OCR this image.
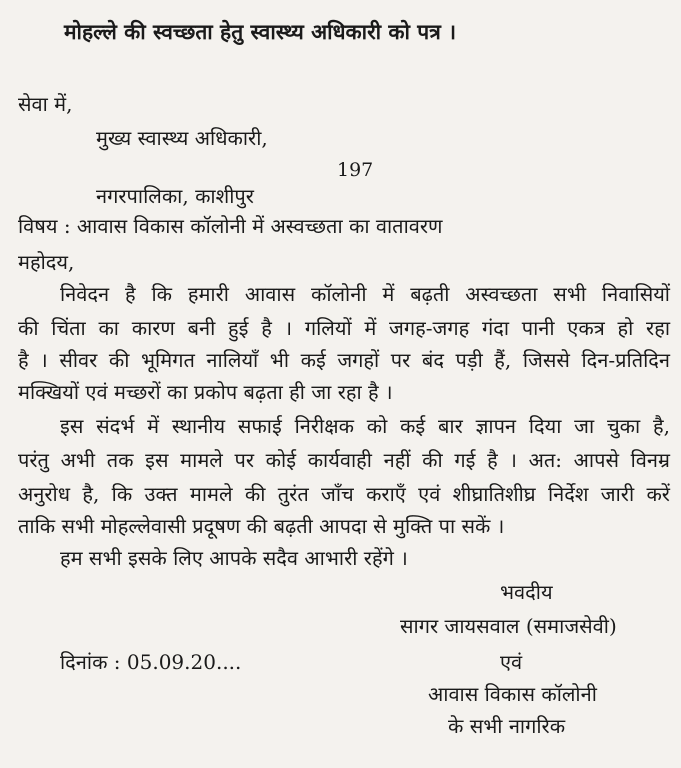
मोहल्ले की स्वच्छता हेतु स्वास्थ्य अधिकारी को पत्र ।
सेवा में,
मुख्य स्वास्थ्य अधिकारी,
197
नगरपालिका, काशीपुर
विषय : आवास विकास कॉलोनी में अस्वच्छता का वातावरण
महोदय,
निवेदन है कि हमारी आवास कॉलोनी में बढ़ती अस्वच्छता सभी निवासियों
की चिंता का कारण बनी हुई है । गलियों में जगह-जगह गंदा पानी एकत्र हो रहा
है । सीवर की भूमिगत नालियाँ भी कई जगहों पर बंद पड़ी हैं, जिससे दिन-प्रतिदिन
मक्खियों एवं मच्छरों का प्रकोप बढ़ता ही जा रहा है ।
इस संदर्भ में स्थानीय सफाई निरीक्षक को कई बार ज्ञापन दिया जा चुका है,
परंतु अभी तक इस मामले पर कोई कार्यवाही नहीं की गई है । अत: आपसे विनम्र
अनुरोध है, कि उक्त मामले की तुरंत जाँच कराएँ एवं शीघ्रातिशीघ्र निर्देश जारी करें
ताकि सभी मोहल्लेवासी प्रदूषण की बढ़ती आपदा से मुक्ति पा सकें ।
हम सभी इसके लिए आपके सदैव आभारी रहेंगे ।
भवदीय
सागर जायसवाल (समाजसेवी)
दिनांक : 05.09.20....	एवं
आवास विकास कॉलोनी
के सभी नागरिक
